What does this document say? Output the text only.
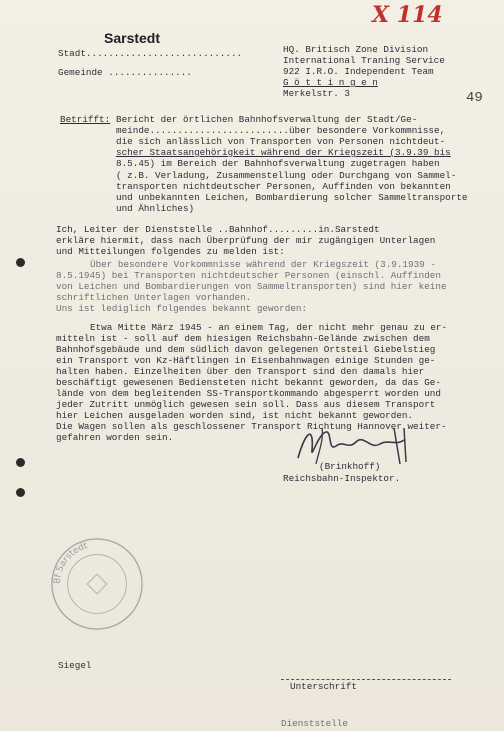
Sarstedt
Stadt............................
Gemeinde ...............
X 114
HQ. Britisch Zone Division
International Traning Service
922 I.R.O. Independent Team
G ö t t i n g e n
Merkelstr. 3	49
Betrifft: Bericht der örtlichen Bahnhofsverwaltung der Stadt/Ge-
meinde.........................über besondere Vorkommnisse,
die sich anlässlich von Transporten von Personen nichtdeut-
scher Staatsangehörigkeit während der Kriegszeit (3.9.39 bis
8.5.45) im Bereich der Bahnhofsverwaltung zugetragen haben
( z.B. Verladung, Zusammenstellung oder Durchgang von Sammel-
transporten nichtdeutscher Personen, Auffinden von bekannten
und unbekannten Leichen, Bombardierung solcher Sammeltransporte
und Ähnliches)
Ich, Leiter der Dienststelle ..Bahnhof.........in.Sarstedt
erkläre hiermit, dass nach Überprüfung der mir zugängigen Unterlagen
und Mitteilungen folgendes zu melden ist:
Über besondere Vorkommnisse während der Kriegszeit (3.9.1939 -
8.5.1945) bei Transporten nichtdeutscher Personen (einschl. Auffinden
von Leichen und Bombardierungen von Sammeltransporten) sind hier keine
schriftlichen Unterlagen vorhanden.
Uns ist lediglich folgendes bekannt geworden:
Etwa Mitte März 1945 - an einem Tag, der nicht mehr genau zu er-
mitteln ist - soll auf dem hiesigen Reichsbahn-Gelände zwischen dem
Bahnhofsgebäude und dem südlich davon gelegenen Ortsteil Giebelstieg
ein Transport von Kz-Häftlingen in Eisenbahnwagen einige Stunden ge-
halten haben. Einzelheiten über den Transport sind den damals hier
beschäftigt gewesenen Bediensteten nicht bekannt geworden, da das Ge-
lände von dem begleitenden SS-Transportkommando abgesperrt worden und
jeder Zutritt unmöglich gewesen sein soll. Dass aus diesem Transport
hier Leichen ausgeladen worden sind, ist nicht bekannt geworden.
Die Wagen sollen als geschlossener Transport Richtung Hannover weiter-
gefahren worden sein.
(Brinkhoff)
Reichsbahn-Inspektor.
Bf Sarstedt
Siegel
Unterschrift
Dienststelle
